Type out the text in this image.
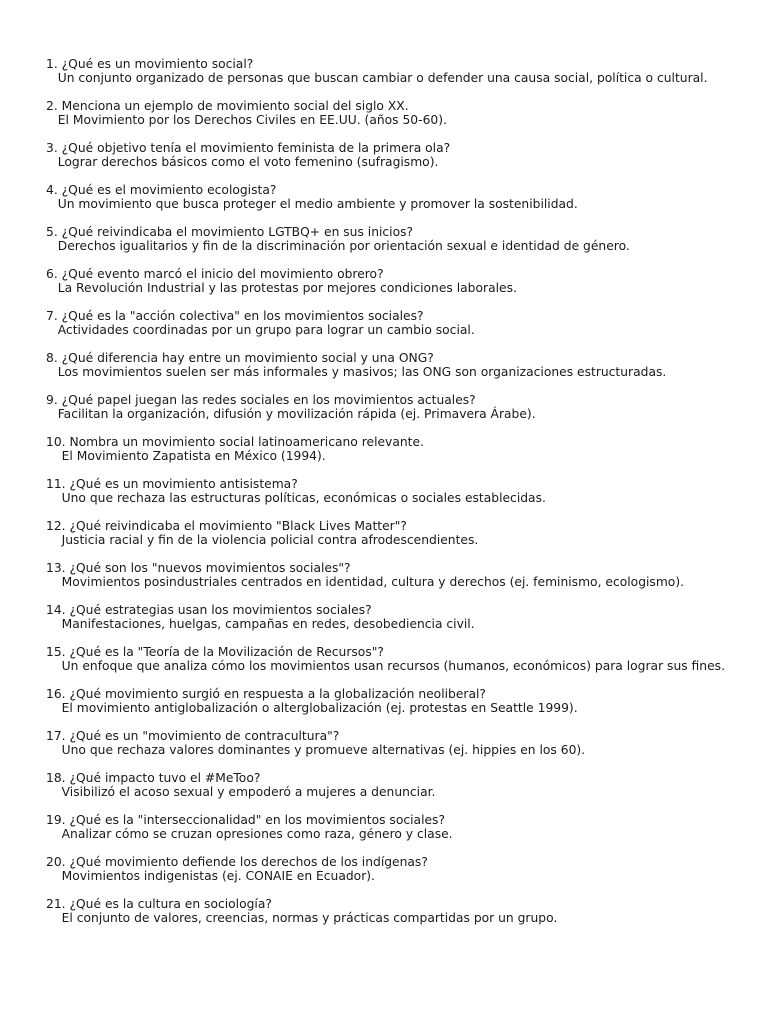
1. ¿Qué es un movimiento social?
Un conjunto organizado de personas que buscan cambiar o defender una causa social, política o cultural.
2. Menciona un ejemplo de movimiento social del siglo XX.
El Movimiento por los Derechos Civiles en EE.UU. (años 50-60).
3. ¿Qué objetivo tenía el movimiento feminista de la primera ola?
Lograr derechos básicos como el voto femenino (sufragismo).
4. ¿Qué es el movimiento ecologista?
Un movimiento que busca proteger el medio ambiente y promover la sostenibilidad.
5. ¿Qué reivindicaba el movimiento LGTBQ+ en sus inicios?
Derechos igualitarios y fin de la discriminación por orientación sexual e identidad de género.
6. ¿Qué evento marcó el inicio del movimiento obrero?
La Revolución Industrial y las protestas por mejores condiciones laborales.
7. ¿Qué es la "acción colectiva" en los movimientos sociales?
Actividades coordinadas por un grupo para lograr un cambio social.
8. ¿Qué diferencia hay entre un movimiento social y una ONG?
Los movimientos suelen ser más informales y masivos; las ONG son organizaciones estructuradas.
9. ¿Qué papel juegan las redes sociales en los movimientos actuales?
Facilitan la organización, difusión y movilización rápida (ej. Primavera Árabe).
10. Nombra un movimiento social latinoamericano relevante.
El Movimiento Zapatista en México (1994).
11. ¿Qué es un movimiento antisistema?
Uno que rechaza las estructuras políticas, económicas o sociales establecidas.
12. ¿Qué reivindicaba el movimiento "Black Lives Matter"?
Justicia racial y fin de la violencia policial contra afrodescendientes.
13. ¿Qué son los "nuevos movimientos sociales"?
Movimientos posindustriales centrados en identidad, cultura y derechos (ej. feminismo, ecologismo).
14. ¿Qué estrategias usan los movimientos sociales?
Manifestaciones, huelgas, campañas en redes, desobediencia civil.
15. ¿Qué es la "Teoría de la Movilización de Recursos"?
Un enfoque que analiza cómo los movimientos usan recursos (humanos, económicos) para lograr sus fines.
16. ¿Qué movimiento surgió en respuesta a la globalización neoliberal?
El movimiento antiglobalización o alterglobalización (ej. protestas en Seattle 1999).
17. ¿Qué es un "movimiento de contracultura"?
Uno que rechaza valores dominantes y promueve alternativas (ej. hippies en los 60).
18. ¿Qué impacto tuvo el #MeToo?
Visibilizó el acoso sexual y empoderó a mujeres a denunciar.
19. ¿Qué es la "interseccionalidad" en los movimientos sociales?
Analizar cómo se cruzan opresiones como raza, género y clase.
20. ¿Qué movimiento defiende los derechos de los indígenas?
Movimientos indigenistas (ej. CONAIE en Ecuador).
21. ¿Qué es la cultura en sociología?
El conjunto de valores, creencias, normas y prácticas compartidas por un grupo.
